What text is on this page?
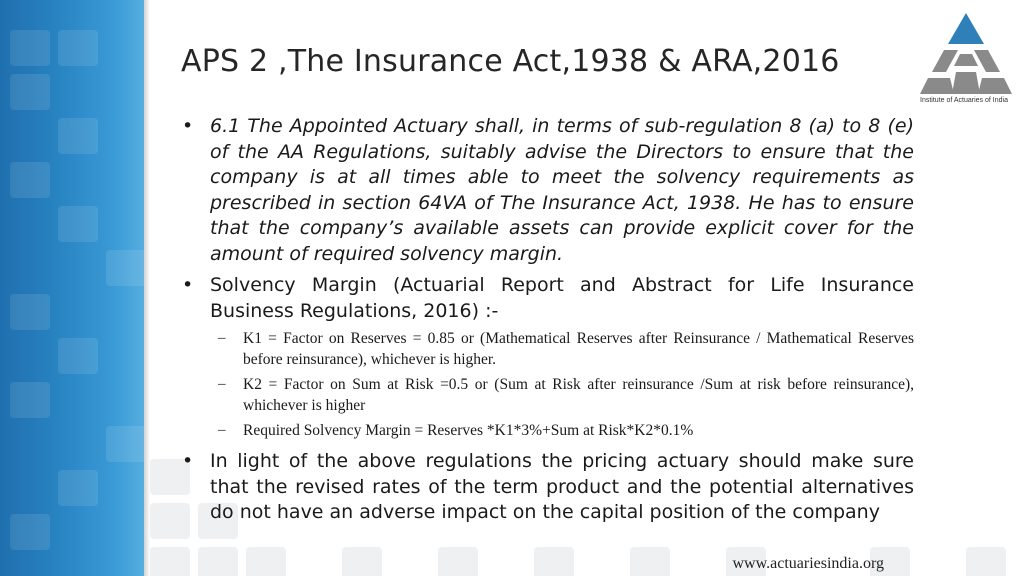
APS 2 ,The Insurance Act,1938 & ARA,2016
Institute of Actuaries of India
• 6.1 The Appointed Actuary shall, in terms of sub-regulation 8 (a) to 8 (e) of the AA Regulations, suitably advise the Directors to ensure that the company is at all times able to meet the solvency requirements as prescribed in section 64VA of The Insurance Act, 1938. He has to ensure that the company’s available assets can provide explicit cover for the amount of required solvency margin.
• Solvency Margin (Actuarial Report and Abstract for Life Insurance Business Regulations, 2016) :-
– K1 = Factor on Reserves = 0.85 or (Mathematical Reserves after Reinsurance / Mathematical Reserves before reinsurance), whichever is higher.
– K2 = Factor on Sum at Risk =0.5 or (Sum at Risk after reinsurance /Sum at risk before reinsurance), whichever is higher
– Required Solvency Margin = Reserves *K1*3%+Sum at Risk*K2*0.1%
• In light of the above regulations the pricing actuary should make sure that the revised rates of the term product and the potential alternatives do not have an adverse impact on the capital position of the company
www.actuariesindia.org
